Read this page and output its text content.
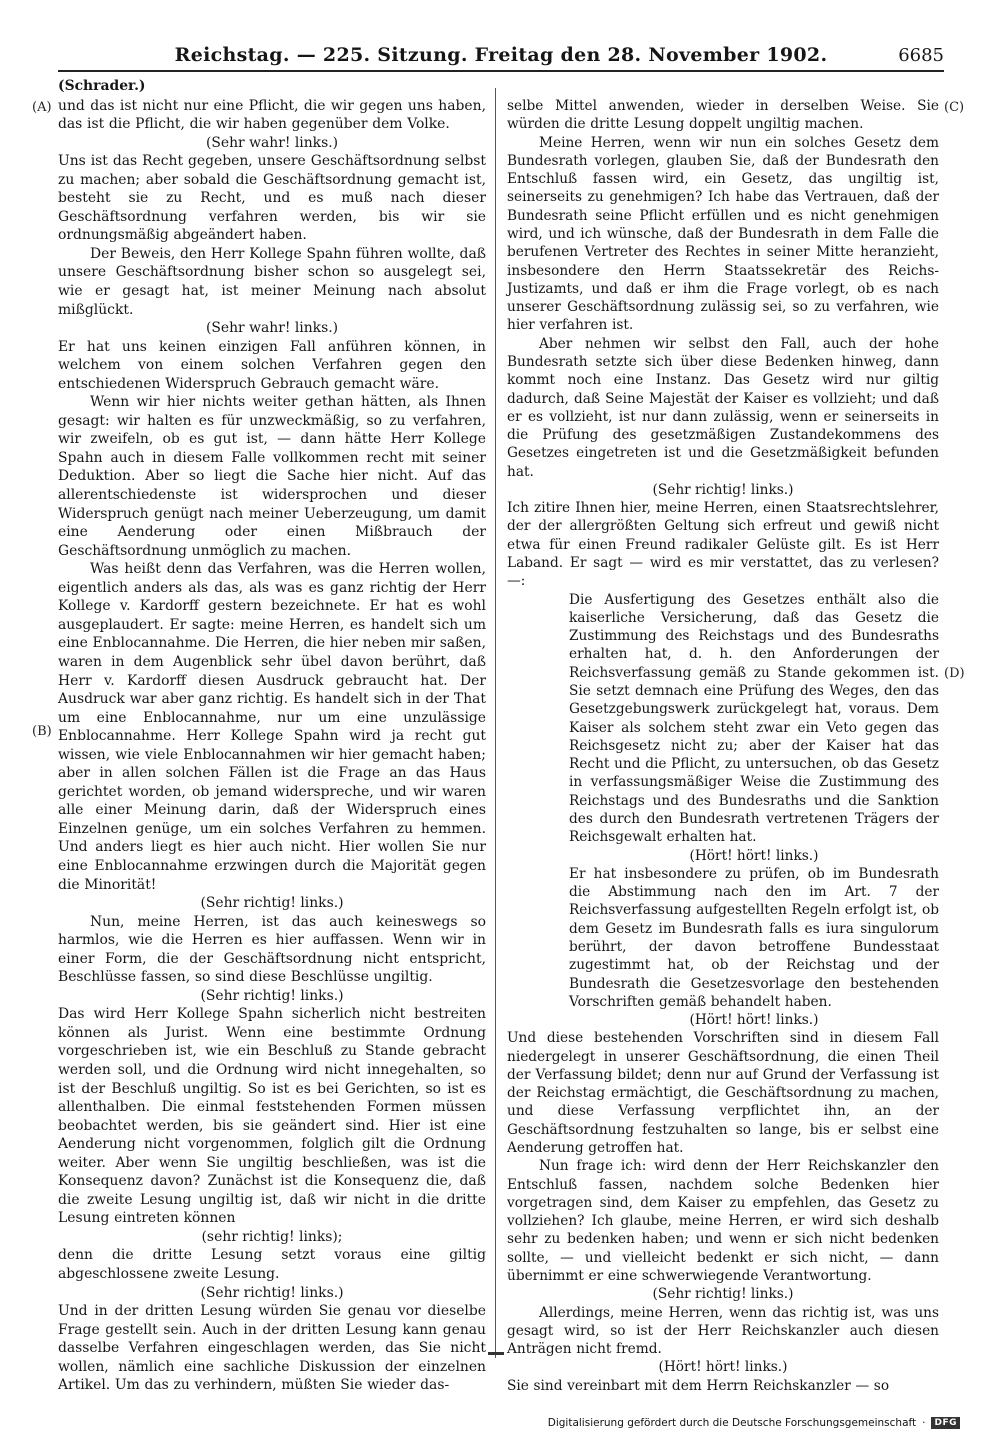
Reichstag. — 225. Sitzung. Freitag den 28. November 1902.	6685
(A)
(B)
(C)
(D)

(Schrader.)

und das ist nicht nur eine Pflicht, die wir gegen uns haben, das ist die Pflicht, die wir haben gegenüber dem Volke.

(Sehr wahr! links.)

Uns ist das Recht gegeben, unsere Geschäftsordnung selbst zu machen; aber sobald die Geschäftsordnung gemacht ist, besteht sie zu Recht, und es muß nach dieser Geschäftsordnung verfahren werden, bis wir sie ordnungsmäßig abgeändert haben.

Der Beweis, den Herr Kollege Spahn führen wollte, daß unsere Geschäftsordnung bisher schon so ausgelegt sei, wie er gesagt hat, ist meiner Meinung nach absolut mißglückt.

(Sehr wahr! links.)

Er hat uns keinen einzigen Fall anführen können, in welchem von einem solchen Verfahren gegen den entschiedenen Widerspruch Gebrauch gemacht wäre.

Wenn wir hier nichts weiter gethan hätten, als Ihnen gesagt: wir halten es für unzweckmäßig, so zu verfahren, wir zweifeln, ob es gut ist, — dann hätte Herr Kollege Spahn auch in diesem Falle vollkommen recht mit seiner Deduktion. Aber so liegt die Sache hier nicht. Auf das allerentschiedenste ist widersprochen und dieser Widerspruch genügt nach meiner Ueberzeugung, um damit eine Aenderung oder einen Mißbrauch der Geschäftsordnung unmöglich zu machen.

Was heißt denn das Verfahren, was die Herren wollen, eigentlich anders als das, als was es ganz richtig der Herr Kollege v. Kardorff gestern bezeichnete. Er hat es wohl ausgeplaudert. Er sagte: meine Herren, es handelt sich um eine Enblocannahme. Die Herren, die hier neben mir saßen, waren in dem Augenblick sehr übel davon berührt, daß Herr v. Kardorff diesen Ausdruck gebraucht hat. Der Ausdruck war aber ganz richtig. Es handelt sich in der That um eine Enblocannahme, nur um eine unzulässige Enblocannahme. Herr Kollege Spahn wird ja recht gut wissen, wie viele Enblocannahmen wir hier gemacht haben; aber in allen solchen Fällen ist die Frage an das Haus gerichtet worden, ob jemand widerspreche, und wir waren alle einer Meinung darin, daß der Widerspruch eines Einzelnen genüge, um ein solches Verfahren zu hemmen. Und anders liegt es hier auch nicht. Hier wollen Sie nur eine Enblocannahme erzwingen durch die Majorität gegen die Minorität!

(Sehr richtig! links.)

Nun, meine Herren, ist das auch keineswegs so harmlos, wie die Herren es hier auffassen. Wenn wir in einer Form, die der Geschäftsordnung nicht entspricht, Beschlüsse fassen, so sind diese Beschlüsse ungiltig.

(Sehr richtig! links.)

Das wird Herr Kollege Spahn sicherlich nicht bestreiten können als Jurist. Wenn eine bestimmte Ordnung vorgeschrieben ist, wie ein Beschluß zu Stande gebracht werden soll, und die Ordnung wird nicht innegehalten, so ist der Beschluß ungiltig. So ist es bei Gerichten, so ist es allenthalben. Die einmal feststehenden Formen müssen beobachtet werden, bis sie geändert sind. Hier ist eine Aenderung nicht vorgenommen, folglich gilt die Ordnung weiter. Aber wenn Sie ungiltig beschließen, was ist die Konsequenz davon? Zunächst ist die Konsequenz die, daß die zweite Lesung ungiltig ist, daß wir nicht in die dritte Lesung eintreten können

(sehr richtig! links);

denn die dritte Lesung setzt voraus eine giltig abgeschlossene zweite Lesung.

(Sehr richtig! links.)

Und in der dritten Lesung würden Sie genau vor dieselbe Frage gestellt sein. Auch in der dritten Lesung kann genau dasselbe Verfahren eingeschlagen werden, das Sie nicht wollen, nämlich eine sachliche Diskussion der einzelnen Artikel. Um das zu verhindern, müßten Sie wieder das-

selbe Mittel anwenden, wieder in derselben Weise. Sie würden die dritte Lesung doppelt ungiltig machen.

Meine Herren, wenn wir nun ein solches Gesetz dem Bundesrath vorlegen, glauben Sie, daß der Bundesrath den Entschluß fassen wird, ein Gesetz, das ungiltig ist, seinerseits zu genehmigen? Ich habe das Vertrauen, daß der Bundesrath seine Pflicht erfüllen und es nicht genehmigen wird, und ich wünsche, daß der Bundesrath in dem Falle die berufenen Vertreter des Rechtes in seiner Mitte heranzieht, insbesondere den Herrn Staatssekretär des Reichs-Justizamts, und daß er ihm die Frage vorlegt, ob es nach unserer Geschäftsordnung zulässig sei, so zu verfahren, wie hier verfahren ist.

Aber nehmen wir selbst den Fall, auch der hohe Bundesrath setzte sich über diese Bedenken hinweg, dann kommt noch eine Instanz. Das Gesetz wird nur giltig dadurch, daß Seine Majestät der Kaiser es vollzieht; und daß er es vollzieht, ist nur dann zulässig, wenn er seinerseits in die Prüfung des gesetzmäßigen Zustandekommens des Gesetzes eingetreten ist und die Gesetzmäßigkeit befunden hat.

(Sehr richtig! links.)

Ich zitire Ihnen hier, meine Herren, einen Staatsrechtslehrer, der der allergrößten Geltung sich erfreut und gewiß nicht etwa für einen Freund radikaler Gelüste gilt. Es ist Herr Laband. Er sagt — wird es mir verstattet, das zu verlesen? —:

Die Ausfertigung des Gesetzes enthält also die kaiserliche Versicherung, daß das Gesetz die Zustimmung des Reichstags und des Bundesraths erhalten hat, d. h. den Anforderungen der Reichsverfassung gemäß zu Stande gekommen ist. Sie setzt demnach eine Prüfung des Weges, den das Gesetzgebungswerk zurückgelegt hat, voraus. Dem Kaiser als solchem steht zwar ein Veto gegen das Reichsgesetz nicht zu; aber der Kaiser hat das Recht und die Pflicht, zu untersuchen, ob das Gesetz in verfassungsmäßiger Weise die Zustimmung des Reichstags und des Bundesraths und die Sanktion des durch den Bundesrath vertretenen Trägers der Reichsgewalt erhalten hat.

(Hört! hört! links.)

Er hat insbesondere zu prüfen, ob im Bundesrath die Abstimmung nach den im Art. 7 der Reichsverfassung aufgestellten Regeln erfolgt ist, ob dem Gesetz im Bundesrath falls es iura singulorum berührt, der davon betroffene Bundesstaat zugestimmt hat, ob der Reichstag und der Bundesrath die Gesetzesvorlage den bestehenden Vorschriften gemäß behandelt haben.

(Hört! hört! links.)

Und diese bestehenden Vorschriften sind in diesem Fall niedergelegt in unserer Geschäftsordnung, die einen Theil der Verfassung bildet; denn nur auf Grund der Verfassung ist der Reichstag ermächtigt, die Geschäftsordnung zu machen, und diese Verfassung verpflichtet ihn, an der Geschäftsordnung festzuhalten so lange, bis er selbst eine Aenderung getroffen hat.

Nun frage ich: wird denn der Herr Reichskanzler den Entschluß fassen, nachdem solche Bedenken hier vorgetragen sind, dem Kaiser zu empfehlen, das Gesetz zu vollziehen? Ich glaube, meine Herren, er wird sich deshalb sehr zu bedenken haben; und wenn er sich nicht bedenken sollte, — und vielleicht bedenkt er sich nicht, — dann übernimmt er eine schwerwiegende Verantwortung.

(Sehr richtig! links.)

Allerdings, meine Herren, wenn das richtig ist, was uns gesagt wird, so ist der Herr Reichskanzler auch diesen Anträgen nicht fremd.

(Hört! hört! links.)

Sie sind vereinbart mit dem Herrn Reichskanzler — so

Digitalisierung gefördert durch die Deutsche Forschungsgemeinschaft ·	DFG
